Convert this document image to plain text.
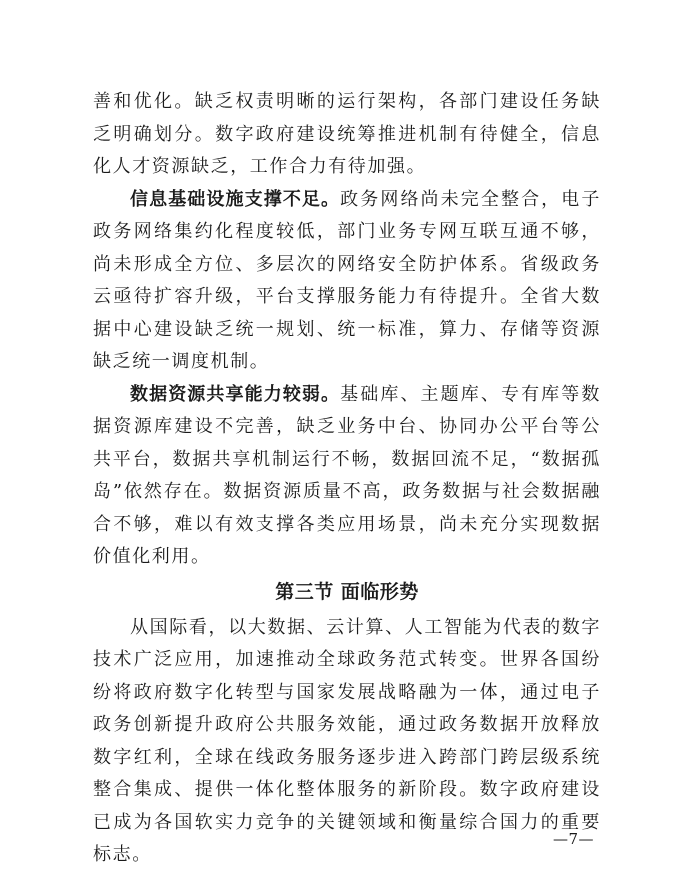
善和优化。缺乏权责明晰的运行架构，各部门建设任务缺乏明确划分。数字政府建设统筹推进机制有待健全，信息化人才资源缺乏，工作合力有待加强。

信息基础设施支撑不足。政务网络尚未完全整合，电子政务网络集约化程度较低，部门业务专网互联互通不够，尚未形成全方位、多层次的网络安全防护体系。省级政务云亟待扩容升级，平台支撑服务能力有待提升。全省大数据中心建设缺乏统一规划、统一标准，算力、存储等资源缺乏统一调度机制。

数据资源共享能力较弱。基础库、主题库、专有库等数据资源库建设不完善，缺乏业务中台、协同办公平台等公共平台，数据共享机制运行不畅，数据回流不足，“数据孤岛”依然存在。数据资源质量不高，政务数据与社会数据融合不够，难以有效支撑各类应用场景，尚未充分实现数据价值化利用。

第三节 面临形势

从国际看，以大数据、云计算、人工智能为代表的数字技术广泛应用，加速推动全球政务范式转变。世界各国纷纷将政府数字化转型与国家发展战略融为一体，通过电子政务创新提升政府公共服务效能，通过政务数据开放释放数字红利，全球在线政务服务逐步进入跨部门跨层级系统整合集成、提供一体化整体服务的新阶段。数字政府建设已成为各国软实力竞争的关键领域和衡量综合国力的重要标志。

—7—
